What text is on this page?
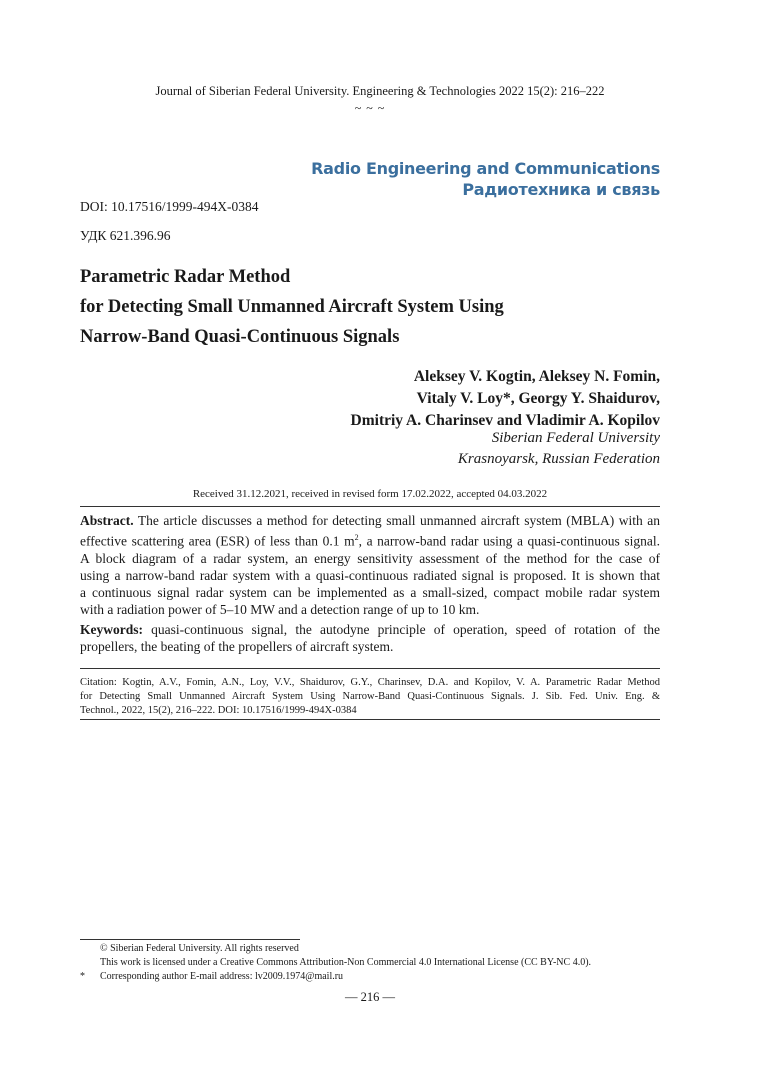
Journal of Siberian Federal University. Engineering & Technologies 2022 15(2): 216–222
~ ~ ~
Radio Engineering and Communications
Радиотехника и связь
DOI: 10.17516/1999-494X-0384
УДК 621.396.96
Parametric Radar Method
for Detecting Small Unmanned Aircraft System Using
Narrow-Band Quasi-Continuous Signals
Aleksey V. Kogtin, Aleksey N. Fomin,
Vitaly V. Loy*, Georgy Y. Shaidurov,
Dmitriy A. Charinsev and Vladimir A. Kopilov
Siberian Federal University
Krasnoyarsk, Russian Federation
Received 31.12.2021, received in revised form 17.02.2022, accepted 04.03.2022
Abstract. The article discusses a method for detecting small unmanned aircraft system (MBLA) with an
effective scattering area (ESR) of less than 0.1 $m^2$, a narrow-band radar using a quasi-continuous signal.
A block diagram of a radar system, an energy sensitivity assessment of the method for the case of
using a narrow-band radar system with a quasi-continuous radiated signal is proposed. It is shown that
a continuous signal radar system can be implemented as a small-sized, compact mobile radar system
with a radiation power of 5–10 MW and a detection range of up to 10 km.
Keywords: quasi-continuous signal, the autodyne principle of operation, speed of rotation of the
propellers, the beating of the propellers of aircraft system.
Citation: Kogtin, A.V., Fomin, A.N., Loy, V.V., Shaidurov, G.Y., Charinsev, D.A. and Kopilov, V. A. Parametric Radar Method
for Detecting Small Unmanned Aircraft System Using Narrow-Band Quasi-Continuous Signals. J. Sib. Fed. Univ. Eng. &
Technol., 2022, 15(2), 216–222. DOI: 10.17516/1999-494X-0384
© Siberian Federal University. All rights reserved
This work is licensed under a Creative Commons Attribution-Non Commercial 4.0 International License (CC BY-NC 4.0).
* Corresponding author E-mail address: lv2009.1974@mail.ru
— 216 —
